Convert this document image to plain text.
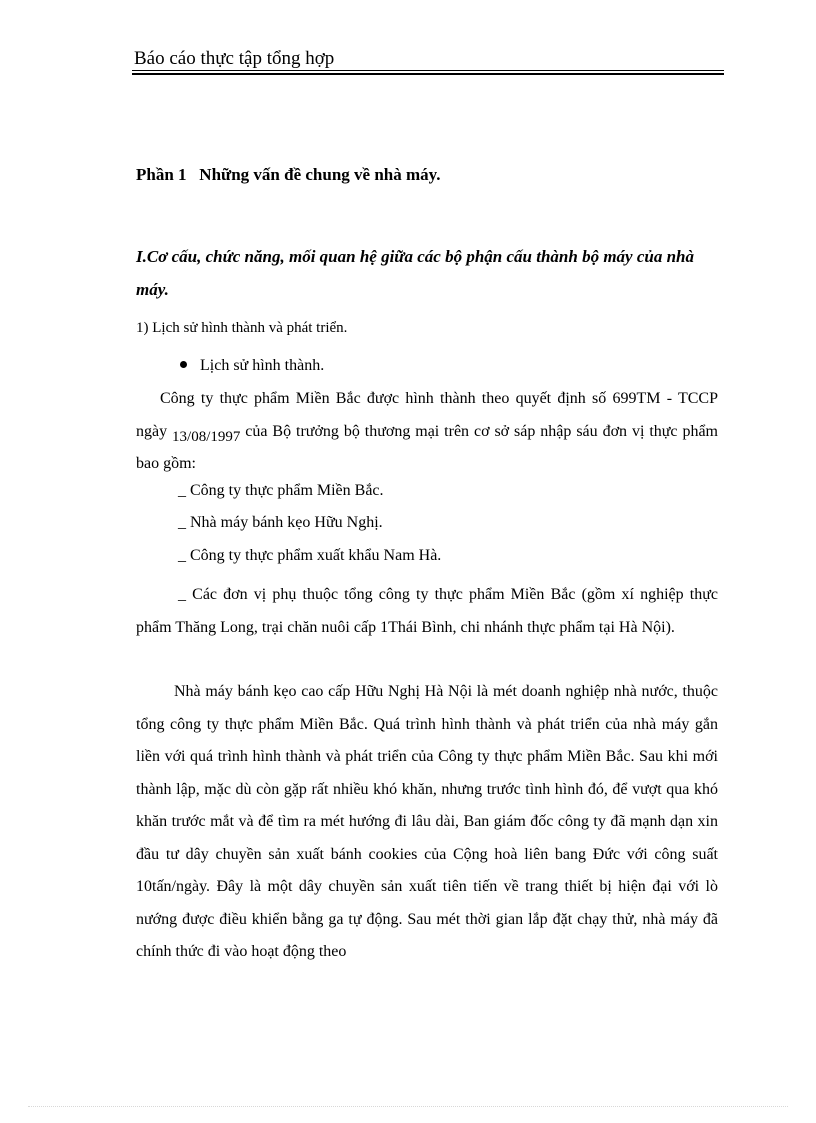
Báo cáo thực tập tổng hợp
Phần 1   Những vấn đề chung về nhà máy.
I.Cơ cấu, chức năng, mối quan hệ giữa các bộ phận cấu thành bộ máy của nhà máy.
1) Lịch sử hình thành và phát triển.
Lịch sử hình thành.
Công ty thực phẩm Miền Bắc được hình thành theo quyết định số 699TM - TCCP ngày 13/08/1997 của Bộ trưởng bộ thương mại trên cơ sở sáp nhập sáu đơn vị thực phẩm bao gồm:
_ Công ty thực phẩm Miền Bắc.
_ Nhà máy bánh kẹo Hữu Nghị.
_ Công ty thực phẩm xuất khẩu Nam Hà.
_ Các đơn vị phụ thuộc tổng công ty thực phẩm Miền Bắc (gồm xí nghiệp thực phẩm Thăng Long, trại chăn nuôi cấp 1Thái Bình, chi nhánh thực phẩm tại Hà Nội).
Nhà máy bánh kẹo cao cấp Hữu Nghị Hà Nội là mét doanh nghiệp nhà nước, thuộc tổng công ty thực phẩm Miền Bắc. Quá trình hình thành và phát triển của nhà máy gắn liền với quá trình hình thành và phát triển của Công ty thực phẩm Miền Bắc. Sau khi mới thành lập, mặc dù còn gặp rất nhiều khó khăn, nhưng trước tình hình đó, để vượt qua khó khăn trước mắt và để tìm ra mét hướng đi lâu dài, Ban giám đốc công ty đã mạnh dạn xin đầu tư dây chuyền sản xuất bánh cookies của Cộng hoà liên bang Đức với công suất 10tấn/ngày. Đây là một dây chuyền sản xuất tiên tiến về trang thiết bị hiện đại với lò nướng được điều khiển bằng ga tự động. Sau mét thời gian lắp đặt chạy thử, nhà máy đã chính thức đi vào hoạt động theo
